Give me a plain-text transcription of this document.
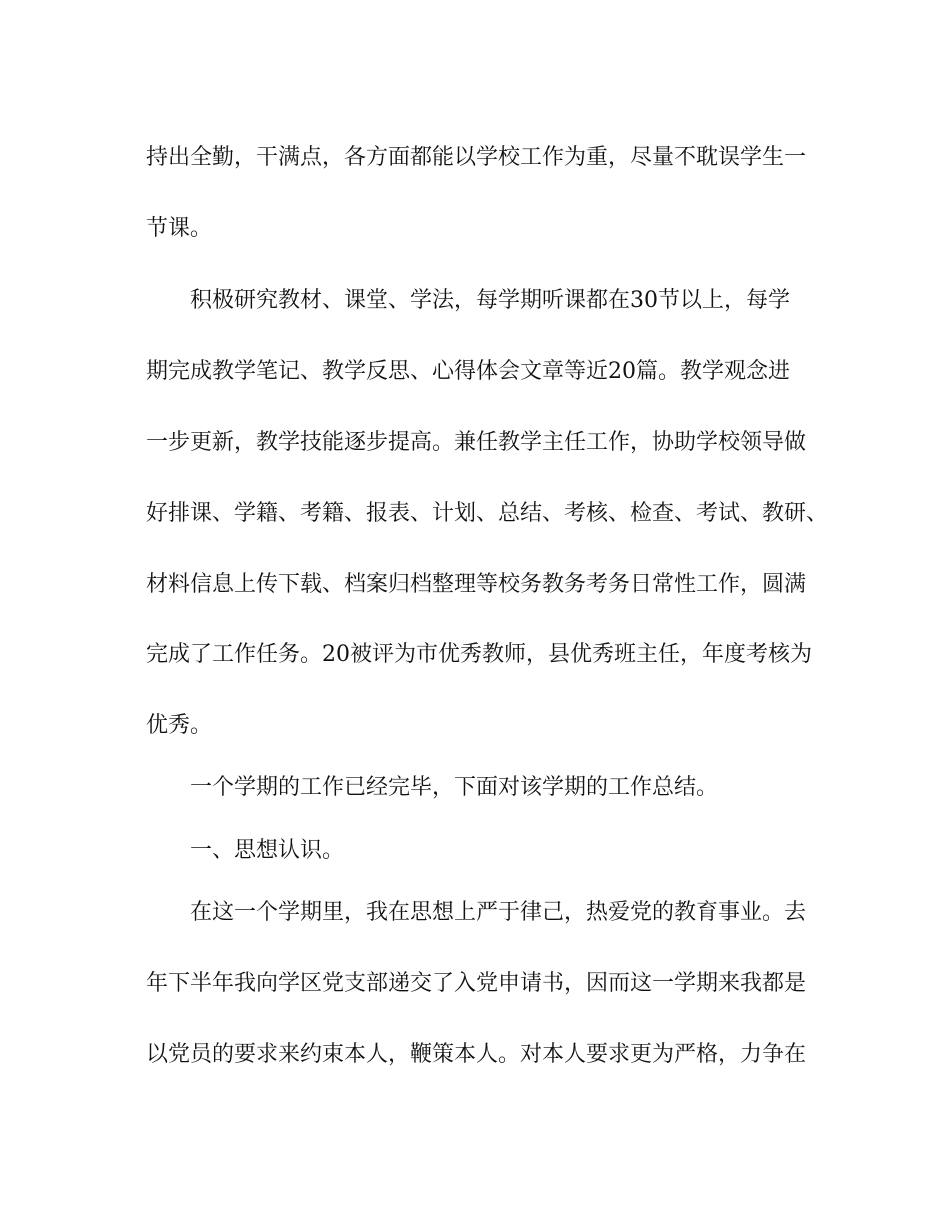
持出全勤，干满点，各方面都能以学校工作为重，尽量不耽误学生一
节课。
积极研究教材、课堂、学法，每学期听课都在30节以上，每学
期完成教学笔记、教学反思、心得体会文章等近20篇。教学观念进
一步更新，教学技能逐步提高。兼任教学主任工作，协助学校领导做
好排课、学籍、考籍、报表、计划、总结、考核、检查、考试、教研、
材料信息上传下载、档案归档整理等校务教务考务日常性工作，圆满
完成了工作任务。20被评为市优秀教师，县优秀班主任，年度考核为
优秀。
一个学期的工作已经完毕，下面对该学期的工作总结。
一、思想认识。
在这一个学期里，我在思想上严于律己，热爱党的教育事业。去
年下半年我向学区党支部递交了入党申请书，因而这一学期来我都是
以党员的要求来约束本人，鞭策本人。对本人要求更为严格，力争在
